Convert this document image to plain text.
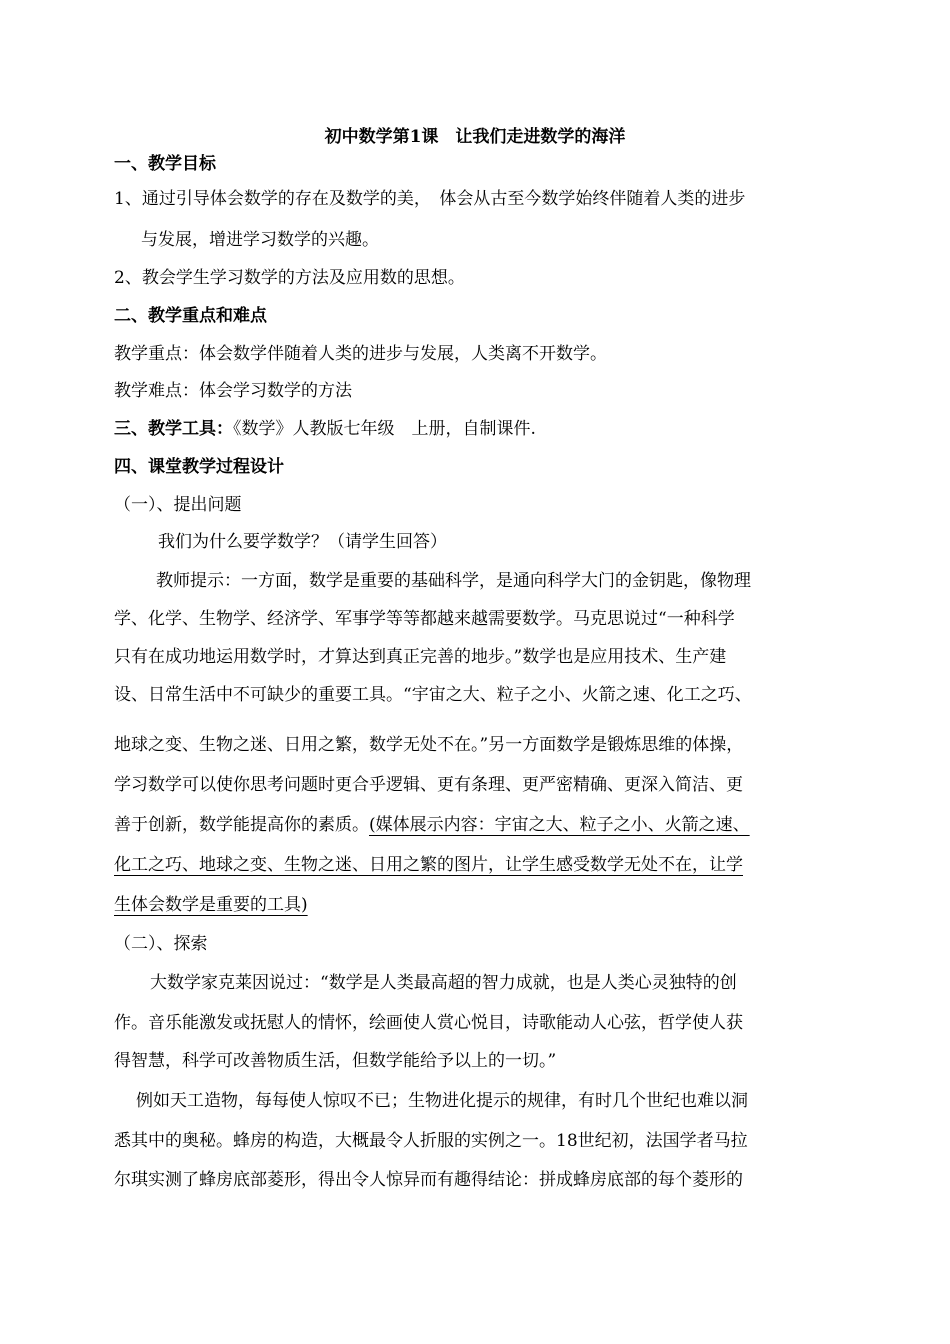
初中数学第1课　让我们走进数学的海洋
一、教学目标
1、通过引导体会数学的存在及数学的美，　体会从古至今数学始终伴随着人类的进步
与发展，增进学习数学的兴趣。
2、教会学生学习数学的方法及应用数的思想。
二、教学重点和难点
教学重点：体会数学伴随着人类的进步与发展，人类离不开数学。
教学难点：体会学习数学的方法
三、教学工具：《数学》人教版七年级　上册，自制课件.
四、课堂教学过程设计
（一）、提出问题
我们为什么要学数学？（请学生回答）
教师提示：一方面，数学是重要的基础科学，是通向科学大门的金钥匙，像物理
学、化学、生物学、经济学、军事学等等都越来越需要数学。马克思说过“一种科学
只有在成功地运用数学时，才算达到真正完善的地步。”数学也是应用技术、生产建
设、日常生活中不可缺少的重要工具。“宇宙之大、粒子之小、火箭之速、化工之巧、
地球之变、生物之迷、日用之繁，数学无处不在。”另一方面数学是锻炼思维的体操，
学习数学可以使你思考问题时更合乎逻辑、更有条理、更严密精确、更深入简洁、更
善于创新，数学能提高你的素质。(媒体展示内容：宇宙之大、粒子之小、火箭之速、
化工之巧、地球之变、生物之迷、日用之繁的图片，让学生感受数学无处不在，让学
生体会数学是重要的工具)
（二）、探索
大数学家克莱因说过：“数学是人类最高超的智力成就，也是人类心灵独特的创
作。音乐能激发或抚慰人的情怀，绘画使人赏心悦目，诗歌能动人心弦，哲学使人获
得智慧，科学可改善物质生活，但数学能给予以上的一切。”
例如天工造物，每每使人惊叹不已；生物进化提示的规律，有时几个世纪也难以洞
悉其中的奥秘。蜂房的构造，大概最令人折服的实例之一。18世纪初，法国学者马拉
尔琪实测了蜂房底部菱形，得出令人惊异而有趣得结论：拼成蜂房底部的每个菱形的
